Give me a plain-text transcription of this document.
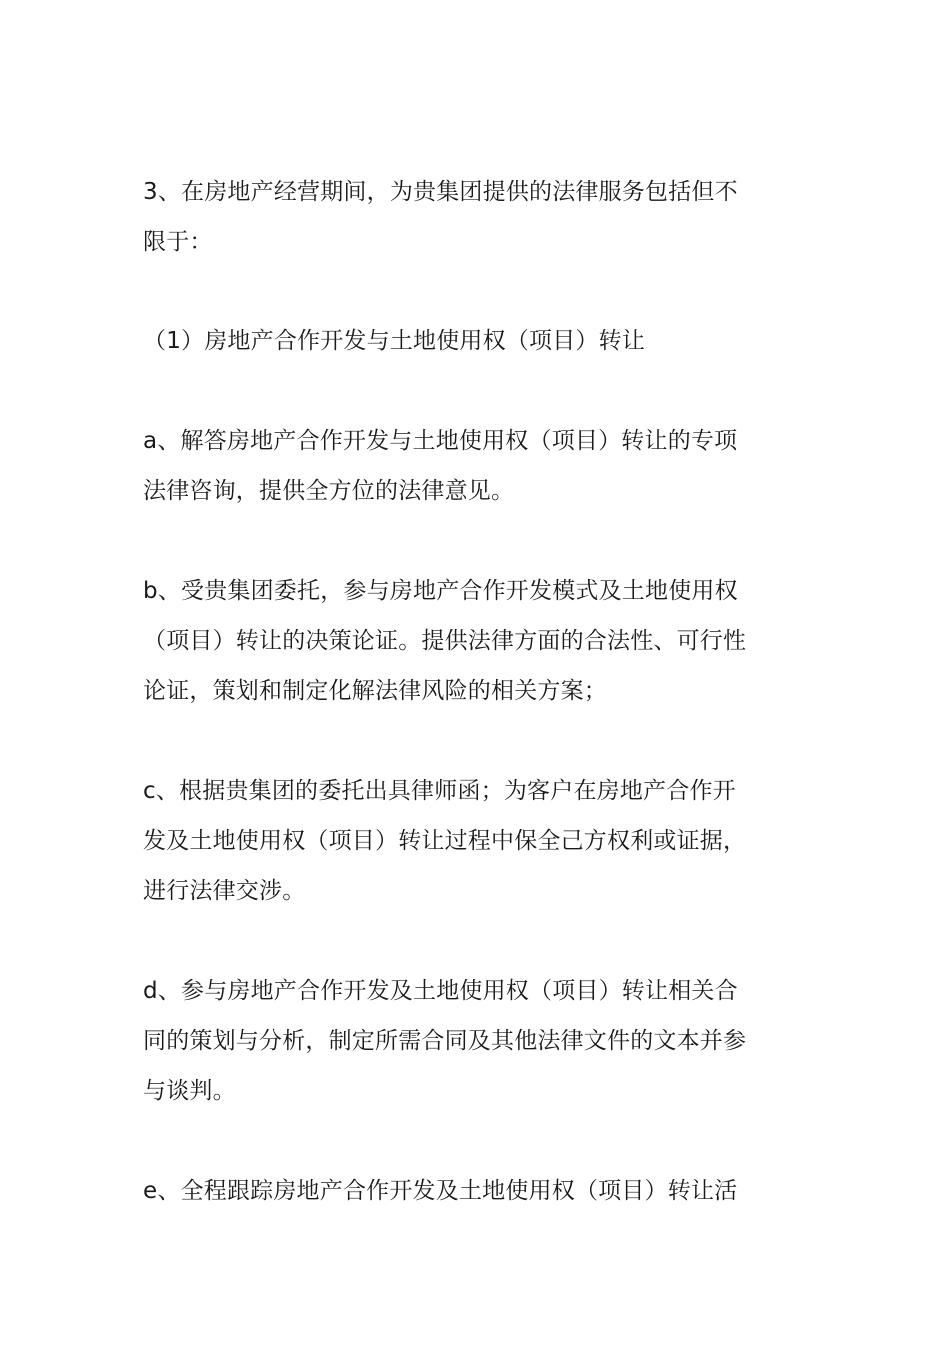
3、在房地产经营期间，为贵集团提供的法律服务包括但不
限于：
（1）房地产合作开发与土地使用权（项目）转让
a、解答房地产合作开发与土地使用权（项目）转让的专项
法律咨询，提供全方位的法律意见。
b、受贵集团委托，参与房地产合作开发模式及土地使用权
（项目）转让的决策论证。提供法律方面的合法性、可行性
论证，策划和制定化解法律风险的相关方案；
c、根据贵集团的委托出具律师函；为客户在房地产合作开
发及土地使用权（项目）转让过程中保全己方权利或证据，
进行法律交涉。
d、参与房地产合作开发及土地使用权（项目）转让相关合
同的策划与分析，制定所需合同及其他法律文件的文本并参
与谈判。
e、全程跟踪房地产合作开发及土地使用权（项目）转让活
